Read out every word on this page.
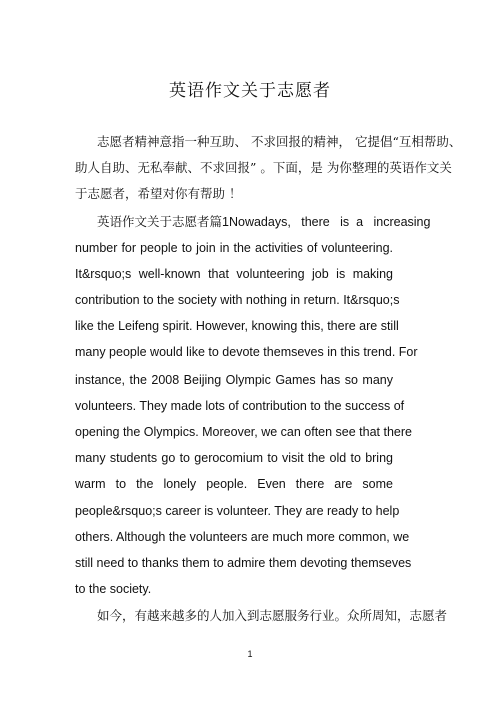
英语作文关于志愿者
志愿者精神意指一种互助、 不求回报的精神， 它提倡“互相帮助、
助人自助、无私奉献、不求回报” 。下面，是 为你整理的英语作文关
于志愿者，希望对你有帮助 ！
英语作文关于志愿者篇 1Nowadays,   there   is  a   increasing
number for people to join in the activities of volunteering.
It&rsquo;s well-known that volunteering job is making
contribution to the society with nothing in return. It&rsquo;s
like the Leifeng spirit. However, knowing this, there are still
many people would like to devote themseves in this trend. For
instance, the 2008 Beijing Olympic Games has so many
volunteers. They made lots of contribution to the success of
opening the Olympics. Moreover, we can often see that there
many students go to gerocomium to visit the old to bring
warm to the lonely people. Even there are some
people&rsquo;s career is volunteer. They are ready to help
others. Although the volunteers are much more common, we
still need to thanks them to admire them devoting themseves
to the society.
如今，有越来越多的人加入到志愿服务行业。众所周知，志愿者
1
